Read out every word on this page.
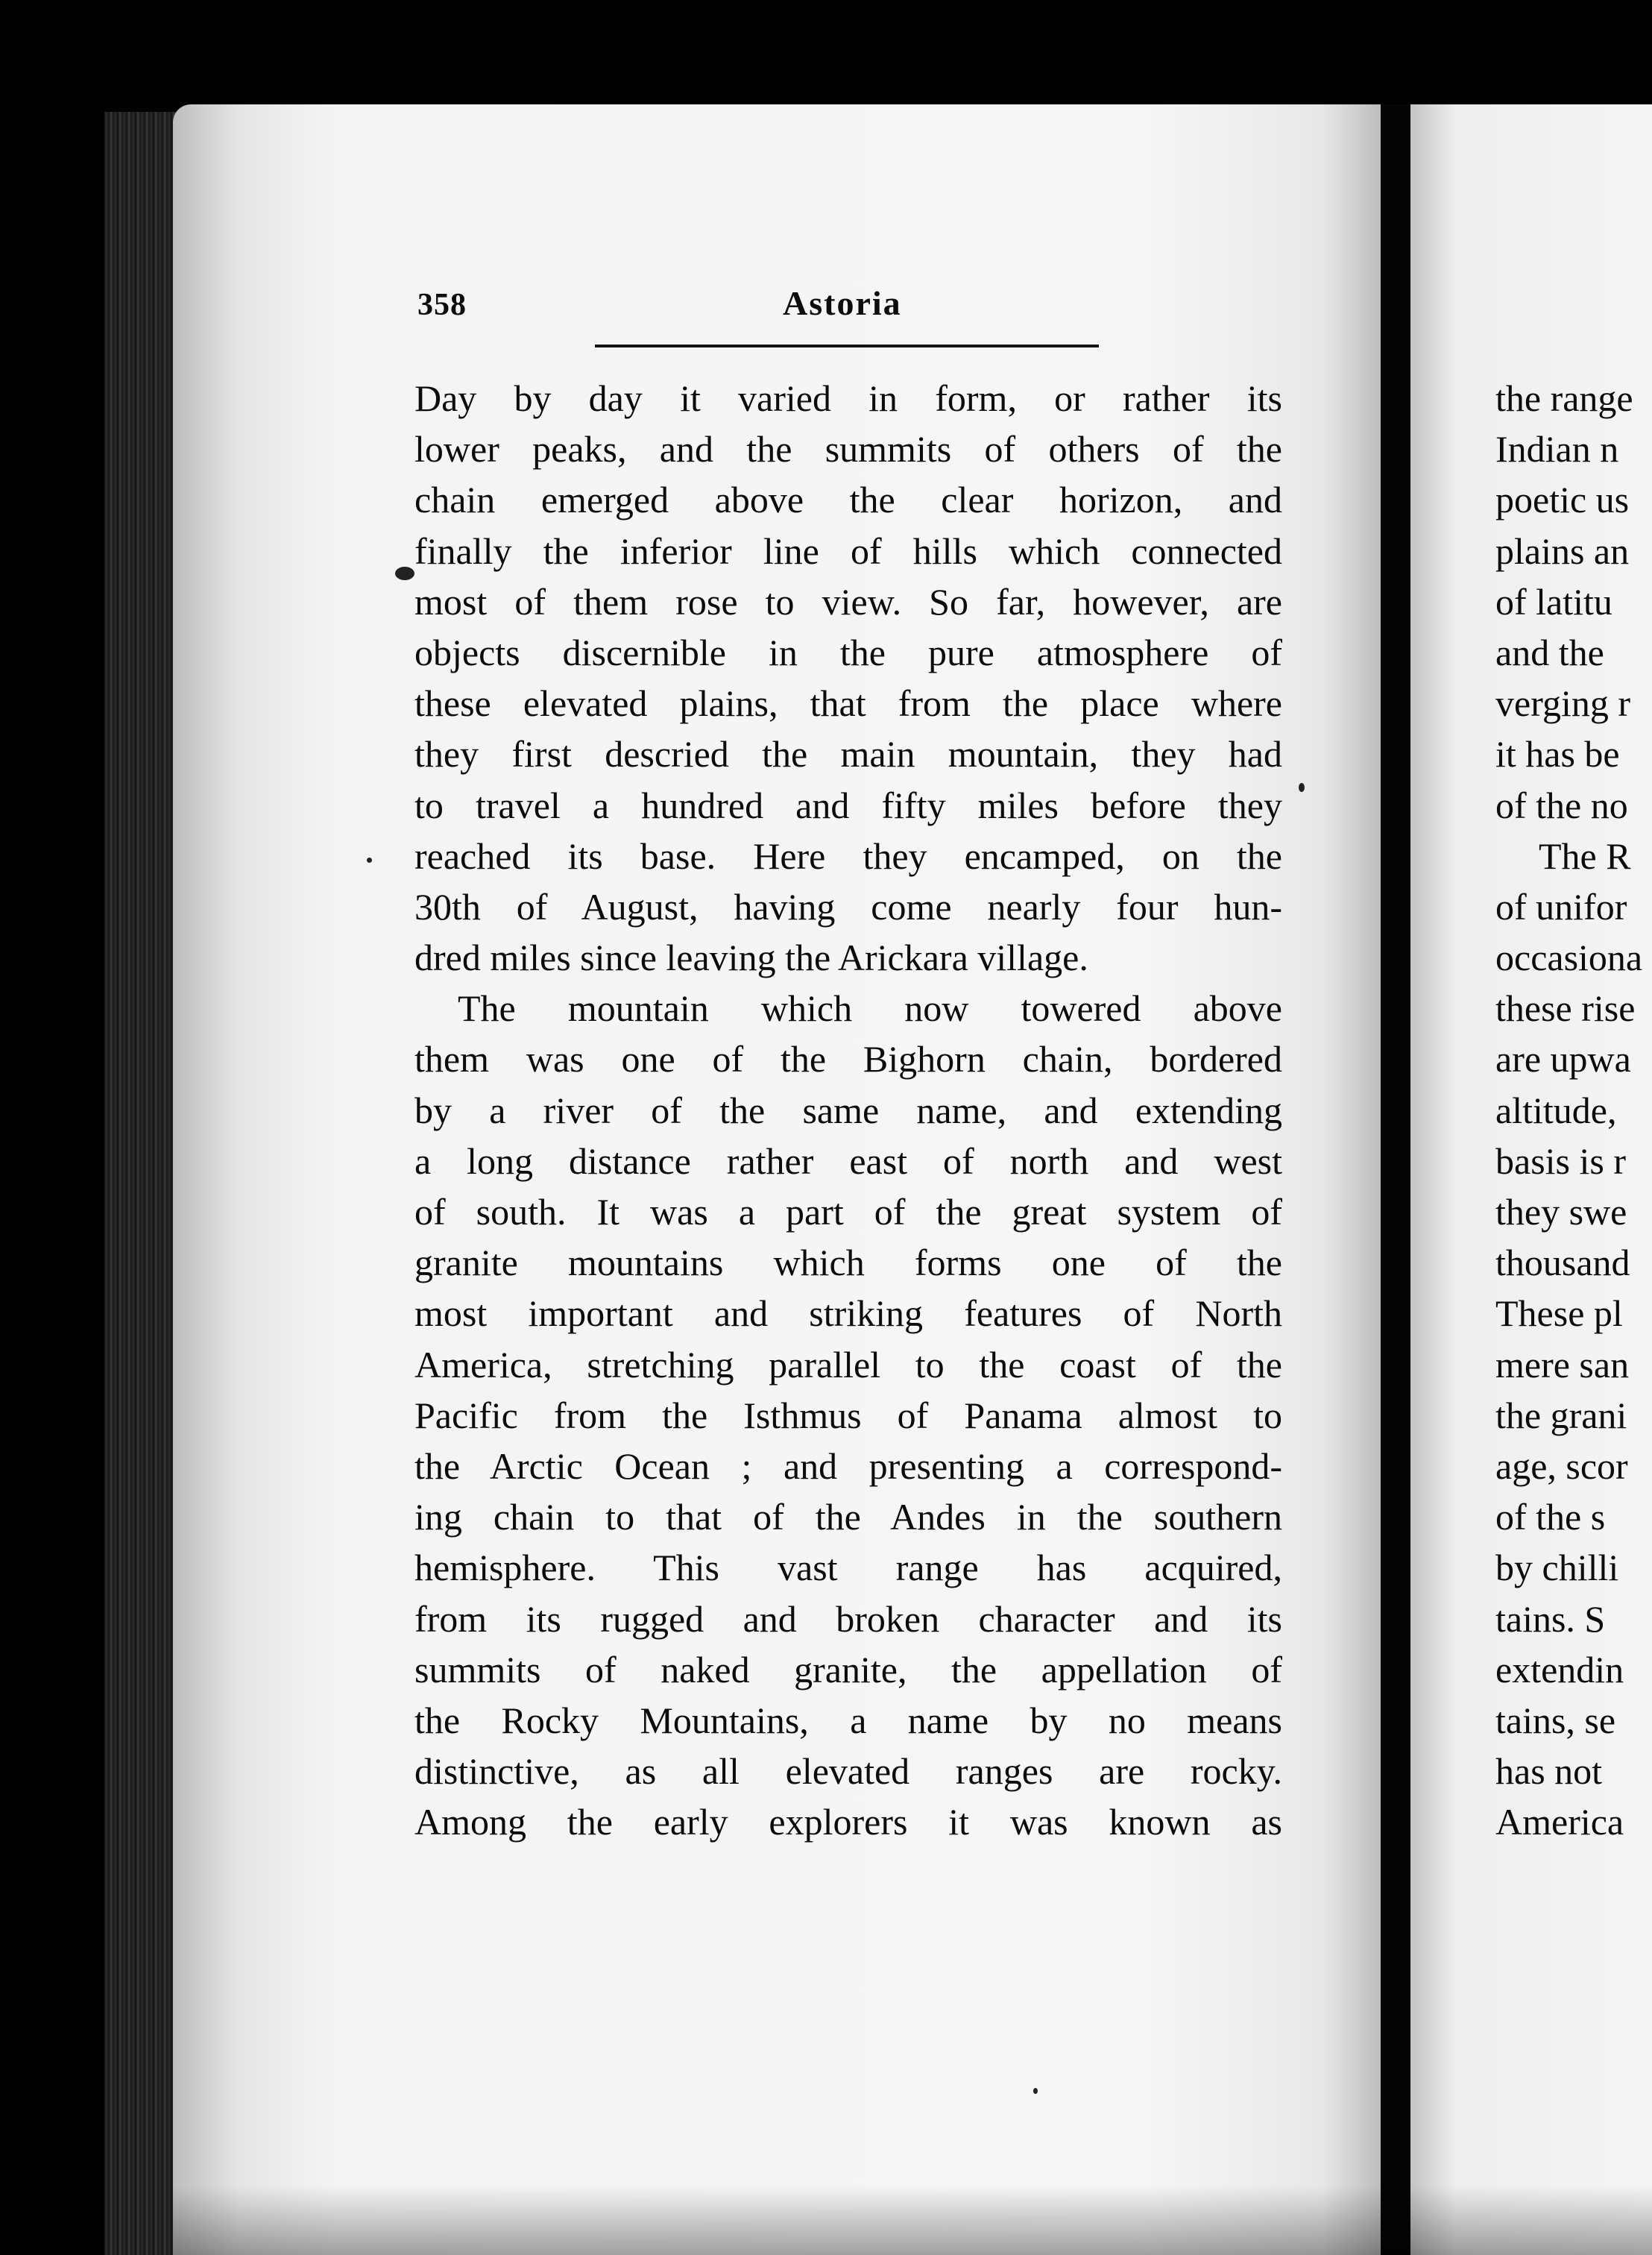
358	Astoria
Day by day it varied in form, or rather its
lower peaks, and the summits of others of the
chain emerged above the clear horizon, and
finally the inferior line of hills which connected
most of them rose to view. So far, however, are
objects discernible in the pure atmosphere of
these elevated plains, that from the place where
they first descried the main mountain, they had
to travel a hundred and fifty miles before they
reached its base. Here they encamped, on the
30th of August, having come nearly four hun-
dred miles since leaving the Arickara village.
The mountain which now towered above
them was one of the Bighorn chain, bordered
by a river of the same name, and extending
a long distance rather east of north and west
of south. It was a part of the great system of
granite mountains which forms one of the
most important and striking features of North
America, stretching parallel to the coast of the
Pacific from the Isthmus of Panama almost to
the Arctic Ocean ; and presenting a correspond-
ing chain to that of the Andes in the southern
hemisphere. This vast range has acquired,
from its rugged and broken character and its
summits of naked granite, the appellation of
the Rocky Mountains, a name by no means
distinctive, as all elevated ranges are rocky.
Among the early explorers it was known as
the range
Indian n
poetic us
plains an
of latitu
and the
verging r
it has be
of the no
The R
of unifor
occasiona
these rise
are upwa
altitude,
basis is r
they swe
thousand
These pl
mere san
the grani
age, scor
of the s
by chilli
tains. S
extendin
tains, se
has not
America
